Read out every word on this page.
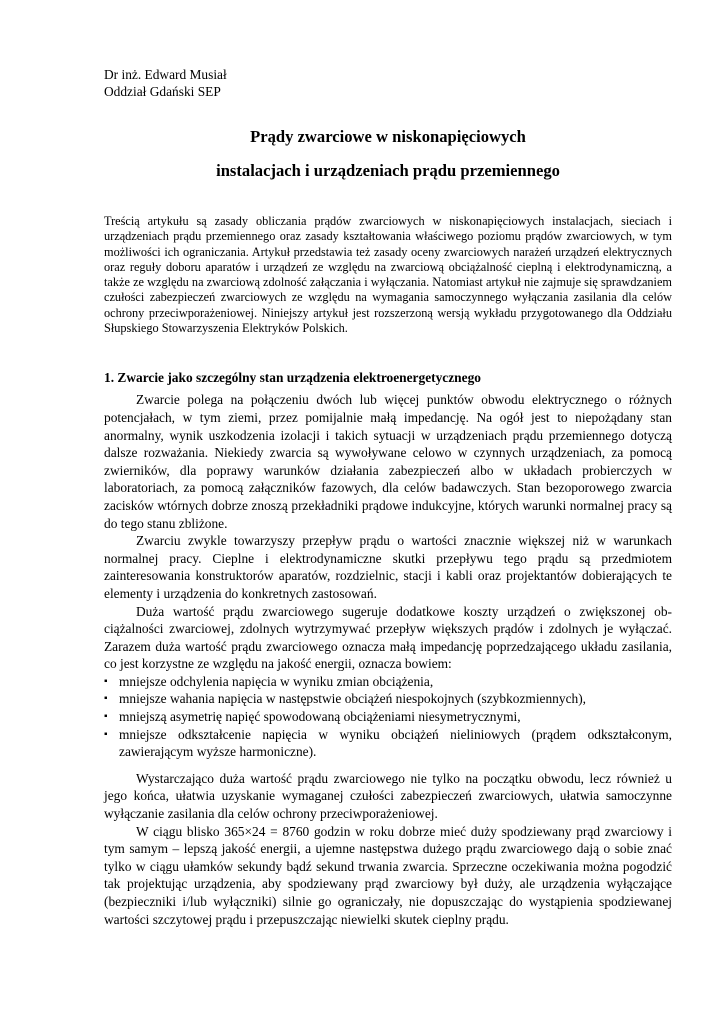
Dr inż. Edward Musiał
Oddział Gdański SEP
Prądy zwarciowe w niskonapięciowych
instalacjach i urządzeniach prądu przemiennego

Treścią artykułu są zasady obliczania prądów zwarciowych w niskonapięciowych instalacjach, sieciach i urządzeniach prądu przemiennego oraz zasady kształtowania właściwego poziomu prądów zwarciowych, w tym możliwości ich ograniczania. Artykuł przedstawia też zasady oceny zwarciowych narażeń urządzeń elektrycznych oraz reguły doboru aparatów i urządzeń ze względu na zwarciową obciążalność cieplną i elektrodynamiczną, a także ze względu na zwarciową zdolność załączania i wyłączania. Natomiast artykuł nie zajmuje się sprawdzaniem czułości zabezpieczeń zwarciowych ze względu na wymagania samoczynnego wyłączania zasilania dla celów ochrony przeciwporażeniowej. Niniejszy artykuł jest rozszerzoną wersją wykładu przygotowanego dla Oddziału Słupskiego Stowarzyszenia Elektryków Polskich.

1. Zwarcie jako szczególny stan urządzenia elektroenergetycznego

Zwarcie polega na połączeniu dwóch lub więcej punktów obwodu elektrycznego o różnych potencjałach, w tym ziemi, przez pomijalnie małą impedancję. Na ogół jest to niepożądany stan anormalny, wynik uszkodzenia izolacji i takich sytuacji w urządzeniach prądu przemiennego dotyczą dalsze rozważania. Niekiedy zwarcia są wywoływane celowo w czynnych urządzeniach, za pomocą zwierników, dla poprawy warunków działania zabezpieczeń albo w układach probierczych w laboratoriach, za pomocą załączników fazowych, dla celów badawczych. Stan bezoporowego zwarcia zacisków wtórnych dobrze znoszą przekładniki prądowe indukcyjne, których warunki normalnej pracy są do tego stanu zbliżone.

Zwarciu zwykle towarzyszy przepływ prądu o wartości znacznie większej niż w warunkach normalnej pracy. Cieplne i elektrodynamiczne skutki przepływu tego prądu są przedmiotem zainteresowania konstruktorów aparatów, rozdzielnic, stacji i kabli oraz projektantów dobierających te elementy i urządzenia do konkretnych zastosowań.

Duża wartość prądu zwarciowego sugeruje dodatkowe koszty urządzeń o zwiększonej obciążalności zwarciowej, zdolnych wytrzymywać przepływ większych prądów i zdolnych je wyłączać. Zarazem duża wartość prądu zwarciowego oznacza małą impedancję poprzedzającego układu zasilania, co jest korzystne ze względu na jakość energii, oznacza bowiem:

▪ mniejsze odchylenia napięcia w wyniku zmian obciążenia,
▪ mniejsze wahania napięcia w następstwie obciążeń niespokojnych (szybkozmiennych),
▪ mniejszą asymetrię napięć spowodowaną obciążeniami niesymetrycznymi,
▪ mniejsze odkształcenie napięcia w wyniku obciążeń nieliniowych (prądem odkształconym, zawierającym wyższe harmoniczne).

Wystarczająco duża wartość prądu zwarciowego nie tylko na początku obwodu, lecz również u jego końca, ułatwia uzyskanie wymaganej czułości zabezpieczeń zwarciowych, ułatwia samoczynne wyłączanie zasilania dla celów ochrony przeciwporażeniowej.

W ciągu blisko 365×24 = 8760 godzin w roku dobrze mieć duży spodziewany prąd zwarciowy i tym samym – lepszą jakość energii, a ujemne następstwa dużego prądu zwarciowego dają o sobie znać tylko w ciągu ułamków sekundy bądź sekund trwania zwarcia. Sprzeczne oczekiwania można pogodzić tak projektując urządzenia, aby spodziewany prąd zwarciowy był duży, ale urządzenia wyłączające (bezpieczniki i/lub wyłączniki) silnie go ograniczały, nie dopuszczając do wystąpienia spodziewanej wartości szczytowej prądu i przepuszczając niewielki skutek cieplny prądu.
